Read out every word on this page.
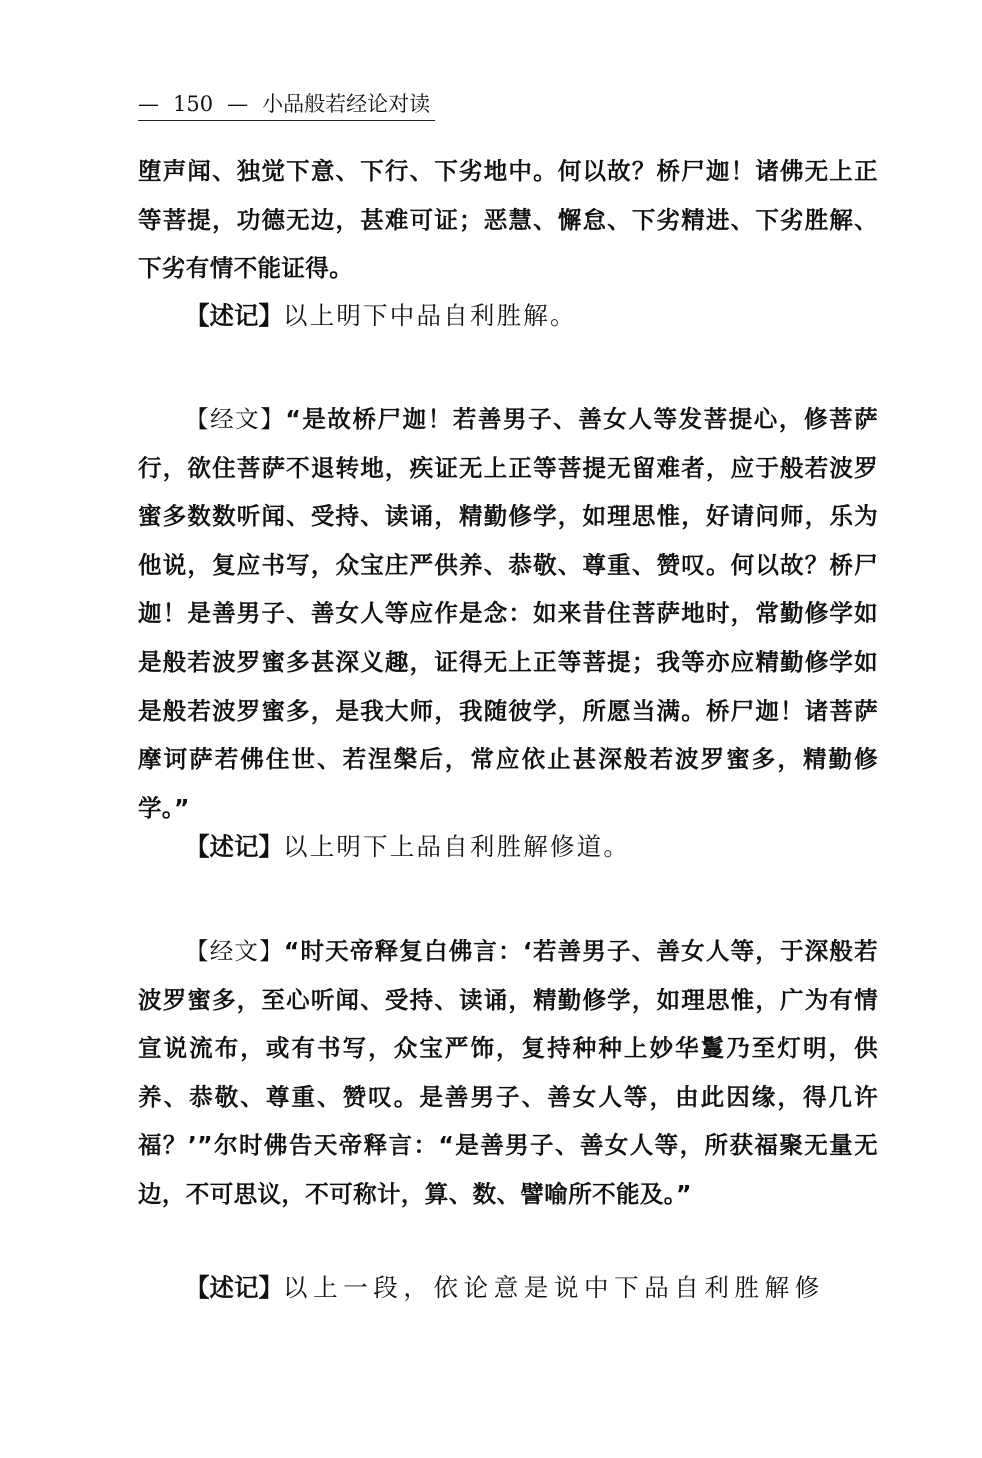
— 150 — 小品般若经论对读

堕声闻、独觉下意、下行、下劣地中。何以故？桥尸迦！诸佛无上正等菩提，功德无边，甚难可证；恶慧、懈怠、下劣精进、下劣胜解、下劣有情不能证得。

【述记】以上明下中品自利胜解。

【经文】“是故桥尸迦！若善男子、善女人等发菩提心，修菩萨行，欲住菩萨不退转地，疾证无上正等菩提无留难者，应于般若波罗蜜多数数听闻、受持、读诵，精勤修学，如理思惟，好请问师，乐为他说，复应书写，众宝庄严供养、恭敬、尊重、赞叹。何以故？桥尸迦！是善男子、善女人等应作是念：如来昔住菩萨地时，常勤修学如是般若波罗蜜多甚深义趣，证得无上正等菩提；我等亦应精勤修学如是般若波罗蜜多，是我大师，我随彼学，所愿当满。桥尸迦！诸菩萨摩诃萨若佛住世、若涅槃后，常应依止甚深般若波罗蜜多，精勤修学。”

【述记】以上明下上品自利胜解修道。

【经文】“时天帝释复白佛言：‘若善男子、善女人等，于深般若波罗蜜多，至心听闻、受持、读诵，精勤修学，如理思惟，广为有情宣说流布，或有书写，众宝严饰，复持种种上妙华鬘乃至灯明，供养、恭敬、尊重、赞叹。是善男子、善女人等，由此因缘，得几许福？’”尔时佛告天帝释言：“是善男子、善女人等，所获福聚无量无边，不可思议，不可称计，算、数、譬喻所不能及。”

【述记】以上一段，依论意是说中下品自利胜解修
